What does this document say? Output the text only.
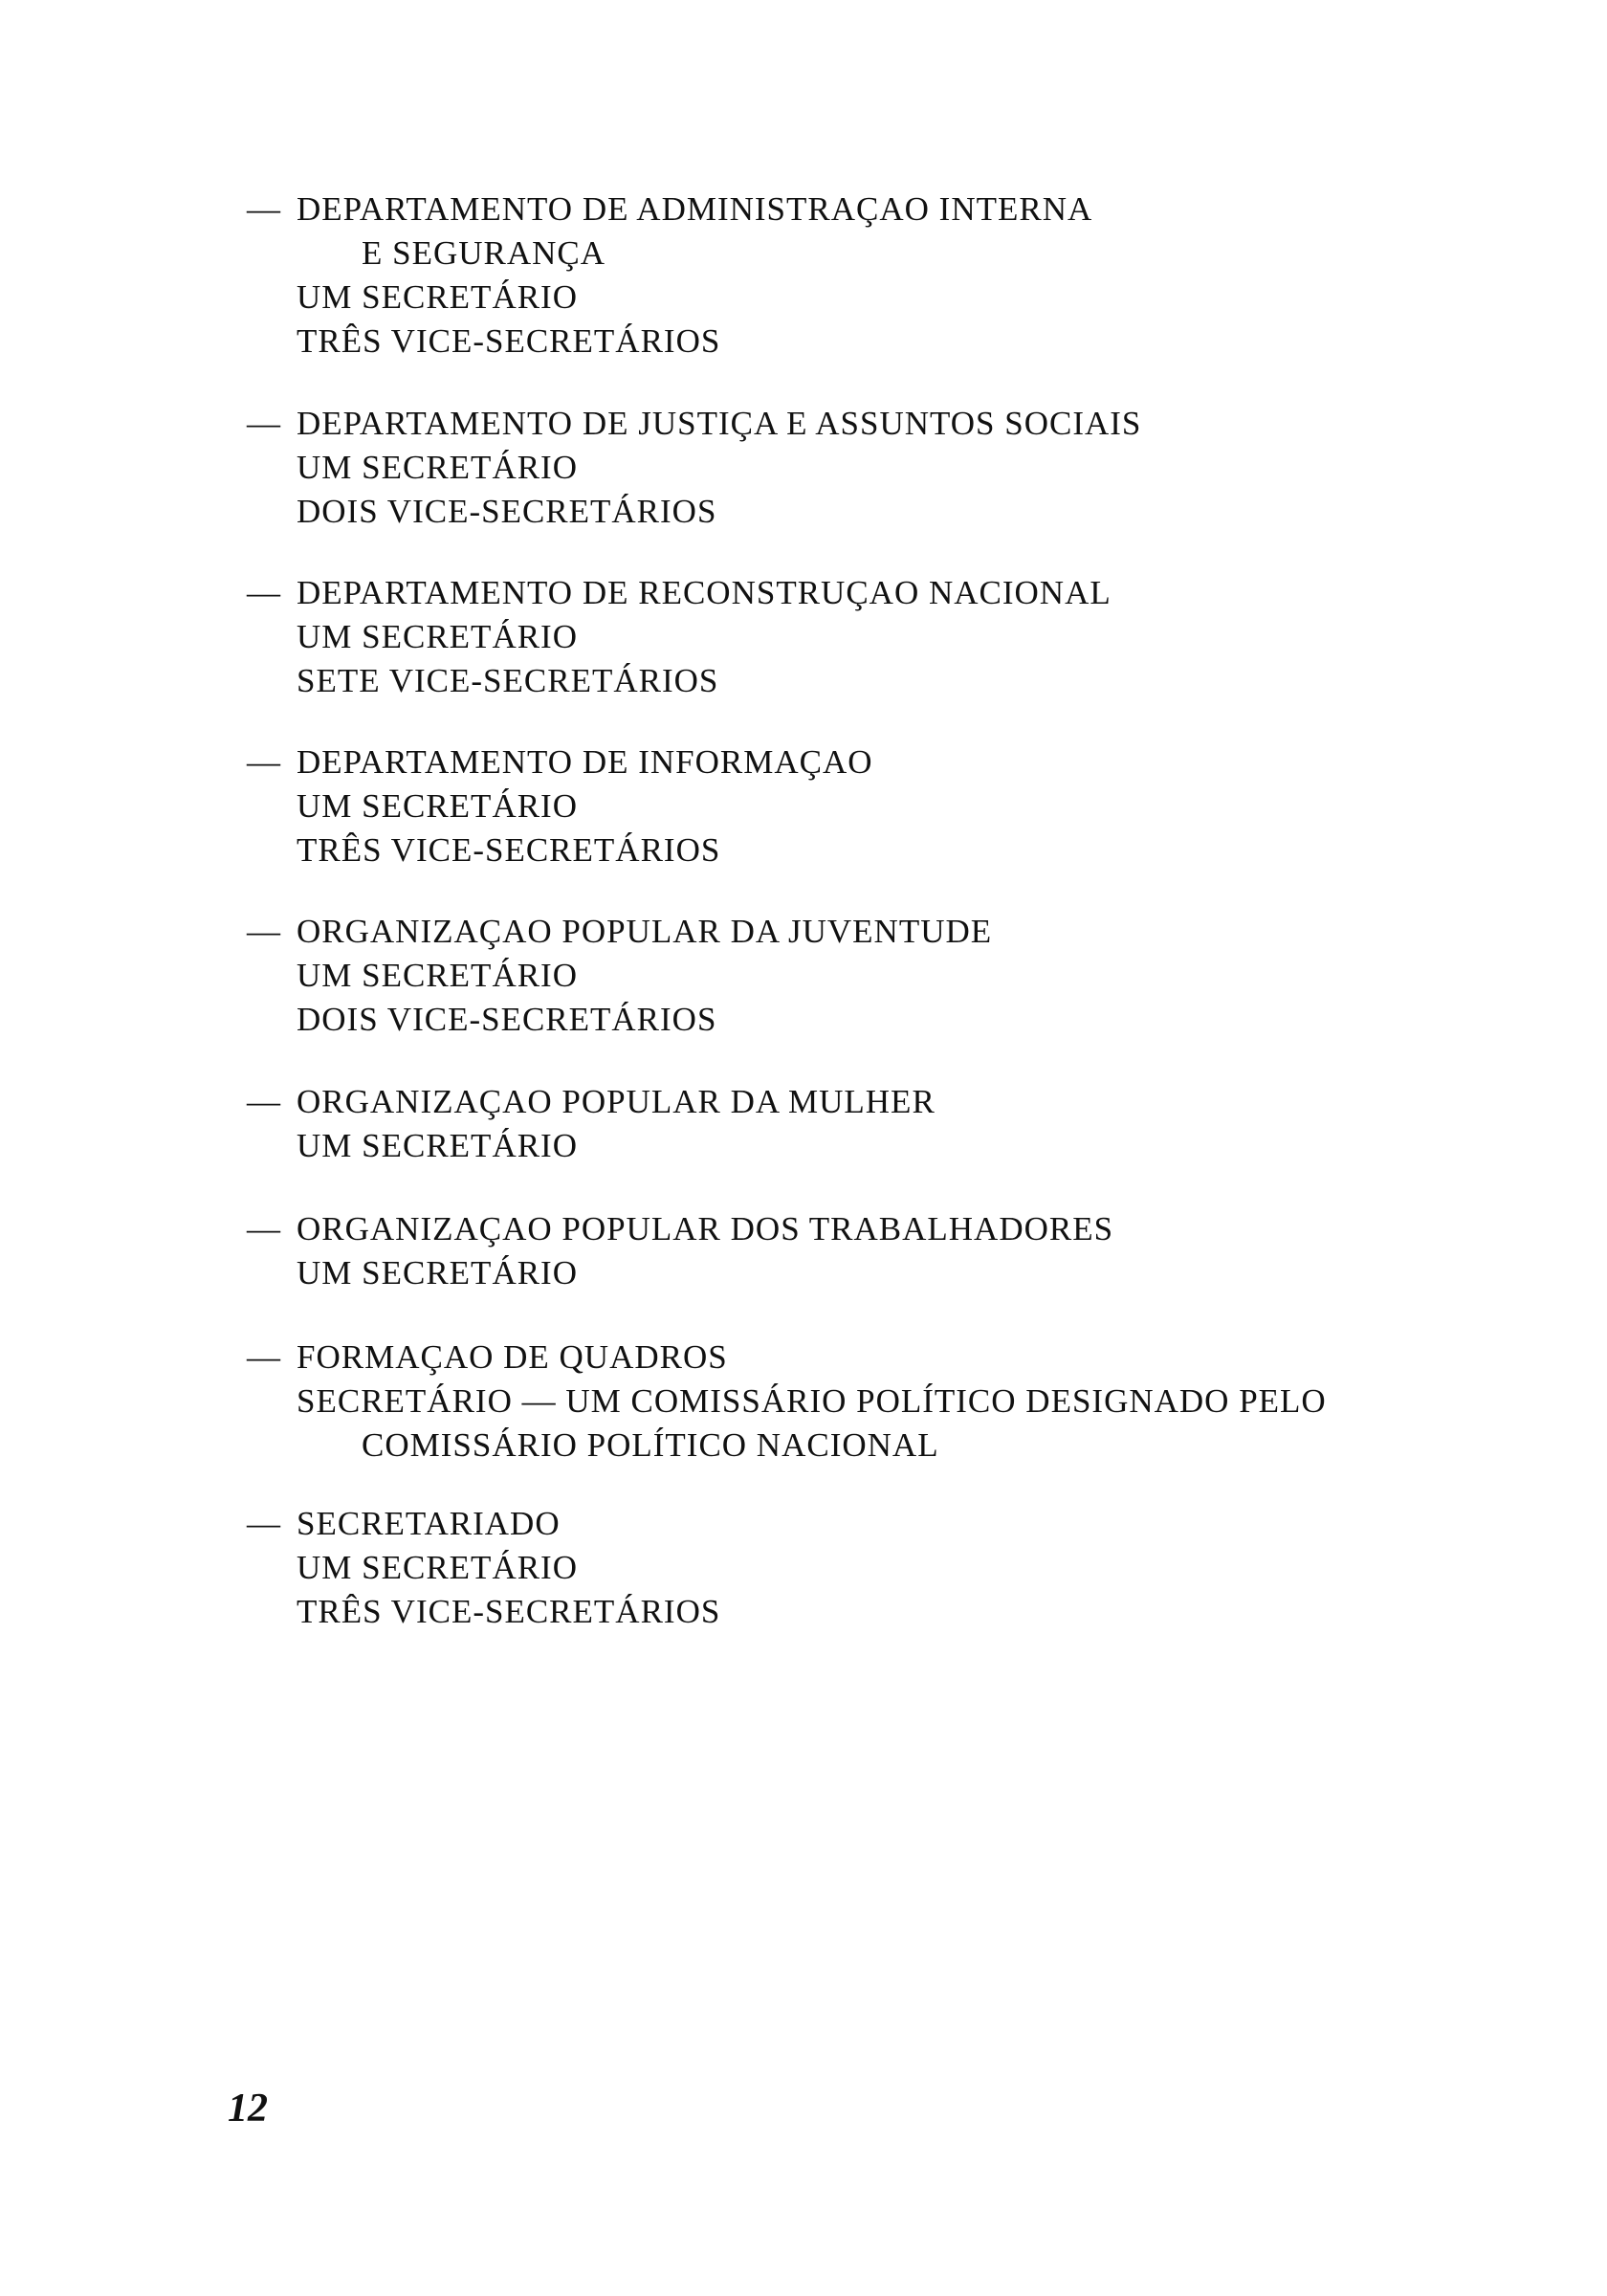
— DEPARTAMENTO DE ADMINISTRAÇAO INTERNA
E SEGURANÇA
UM SECRETÁRIO
TRÊS VICE-SECRETÁRIOS
— DEPARTAMENTO DE JUSTIÇA E ASSUNTOS SOCIAIS
UM SECRETÁRIO
DOIS VICE-SECRETÁRIOS
— DEPARTAMENTO DE RECONSTRUÇAO NACIONAL
UM SECRETÁRIO
SETE VICE-SECRETÁRIOS
— DEPARTAMENTO DE INFORMAÇAO
UM SECRETÁRIO
TRÊS VICE-SECRETÁRIOS
— ORGANIZAÇAO POPULAR DA JUVENTUDE
UM SECRETÁRIO
DOIS VICE-SECRETÁRIOS
— ORGANIZAÇAO POPULAR DA MULHER
UM SECRETÁRIO
— ORGANIZAÇAO POPULAR DOS TRABALHADORES
UM SECRETÁRIO
— FORMAÇAO DE QUADROS
SECRETÁRIO — UM COMISSÁRIO POLÍTICO DESIGNADO PELO
COMISSÁRIO POLÍTICO NACIONAL
— SECRETARIADO
UM SECRETÁRIO
TRÊS VICE-SECRETÁRIOS
12
